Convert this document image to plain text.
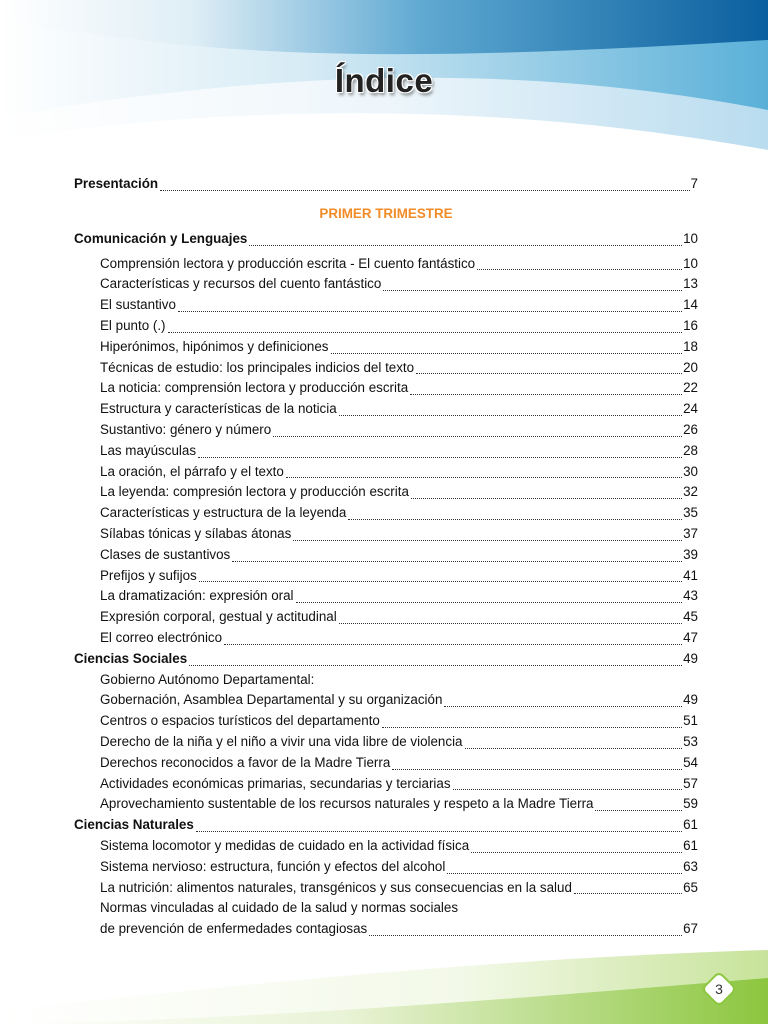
Índice
Presentación	7
PRIMER TRIMESTRE
Comunicación y Lenguajes	10
Comprensión lectora y producción escrita - El cuento fantástico	10
Características y recursos del cuento fantástico	13
El sustantivo	14
El punto (.)	16
Hiperónimos, hipónimos y definiciones	18
Técnicas de estudio: los principales indicios del texto	20
La noticia: comprensión lectora y producción escrita	22
Estructura y características de la noticia	24
Sustantivo: género y número	26
Las mayúsculas	28
La oración, el párrafo y el texto	30
La leyenda: compresión lectora y producción escrita	32
Características y estructura de la leyenda	35
Sílabas tónicas y sílabas átonas	37
Clases de sustantivos	39
Prefijos y sufijos	41
La dramatización: expresión oral	43
Expresión corporal, gestual y actitudinal	45
El correo electrónico	47
Ciencias Sociales	49
Gobierno Autónomo Departamental:
Gobernación, Asamblea Departamental y su organización	49
Centros o espacios turísticos del departamento	51
Derecho de la niña y el niño a vivir una vida libre de violencia	53
Derechos reconocidos a favor de la Madre Tierra	54
Actividades económicas primarias, secundarias y terciarias	57
Aprovechamiento sustentable de los recursos naturales y respeto a la Madre Tierra	59
Ciencias Naturales	61
Sistema locomotor y medidas de cuidado en la actividad física	61
Sistema nervioso: estructura, función y efectos del alcohol	63
La nutrición: alimentos naturales, transgénicos y sus consecuencias en la salud	65
Normas vinculadas al cuidado de la salud y normas sociales
de prevención de enfermedades contagiosas	67
3
